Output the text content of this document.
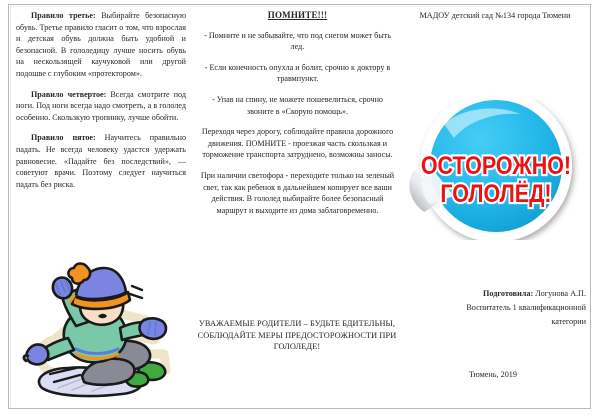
Правило третье: Выбирайте безопасную обувь. Третье правило гласит о том, что взрослая и детская обувь должна быть удобной и безопасной. В гололедицу лучше носить обувь на нескользящей каучуковой или другой подошве с глубоким «протектором».

Правило четвертое: Всегда смотрите под ноги. Под ноги всегда надо смотреть, а в гололед особенно. Скользкую тропинку, лучше обойти.

Правило пятое: Научитесь правильно падать. Не всегда человеку удастся удержать равновесие. «Падайте без последствий», — советуют врачи. Поэтому следует научиться падать без риска.

ПОМНИТЕ!!!

- Помните и не забывайте, что под снегом может быть лед.

- Если конечность опухла и болит, срочно к доктору в травмпункт.

- Упав на спину, не можете пошевелиться, срочно звоните в «Скорую помощь».

Переходя через дорогу, соблюдайте правила дорожного движения. ПОМНИТЕ - проезжая часть скользкая и торможение транспорта затруднено, возможны заносы.

При наличии светофора - переходите только на зеленый свет, так как ребенок в дальнейшем копирует все ваши действия. В гололед выбирайте более безопасный маршрут и выходите из дома заблаговременно.

УВАЖАЕМЫЕ РОДИТЕЛИ – БУДЬТЕ БДИТЕЛЬНЫ, СОБЛЮДАЙТЕ МЕРЫ ПРЕДОСТОРОЖНОСТИ ПРИ ГОЛОЛЕДЕ!
МАДОУ детский сад №134 города Тюмени
ОСТОРОЖНО!
ГОЛОЛЁД!
Подготовила: Логунова А.П.
Воспитатель 1 квалификационной
категории
Тюмень, 2019
